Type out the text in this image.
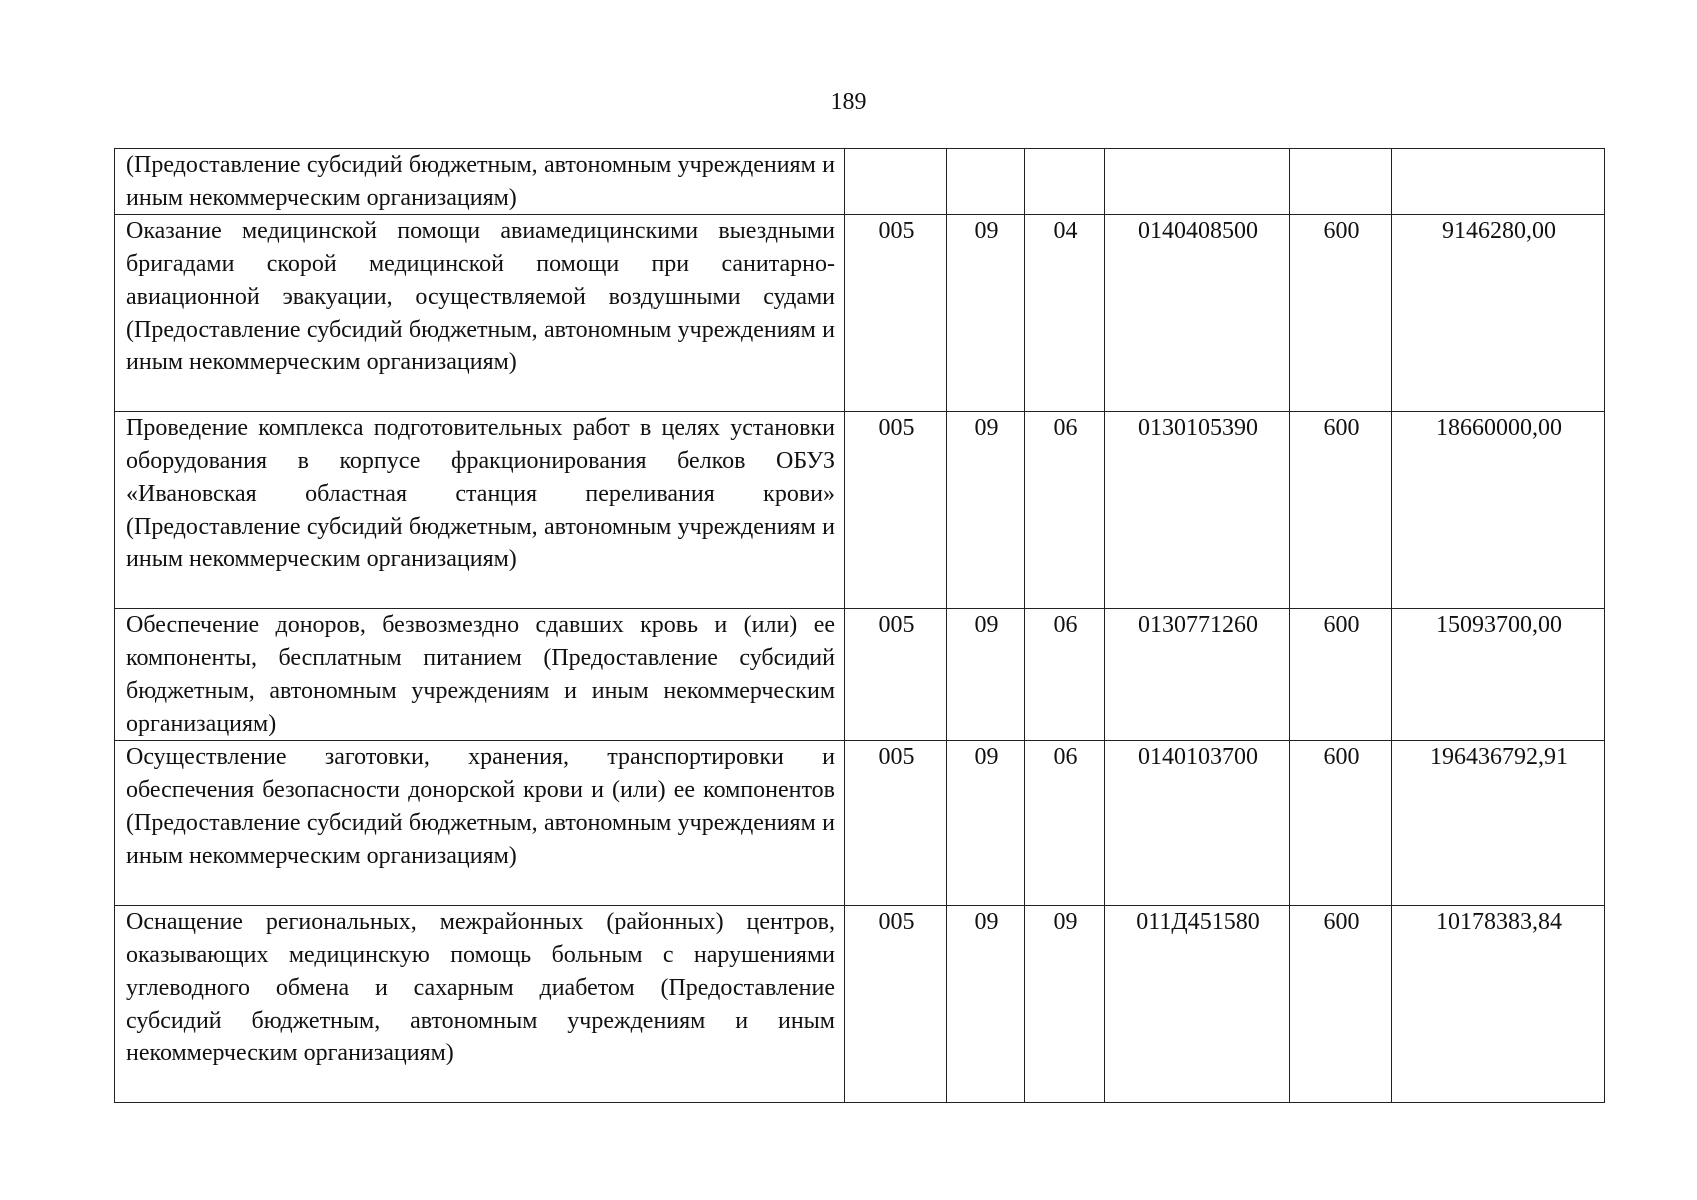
189
(Предоставление субсидий бюджетным, автономным учреждениям и иным некоммерческим организациям)						
Оказание медицинской помощи авиамедицинскими выездными бригадами скорой медицинской помощи при санитарно-авиационной эвакуации, осуществляемой воздушными судами (Предоставление субсидий бюджетным, автономным учреждениям и иным некоммерческим организациям)	005	09	04	0140408500	600	9146280,00
Проведение комплекса подготовительных работ в целях установки оборудования в корпусе фракционирования белков ОБУЗ «Ивановская областная станция переливания крови» (Предоставление субсидий бюджетным, автономным учреждениям и иным некоммерческим организациям)	005	09	06	0130105390	600	18660000,00
Обеспечение доноров, безвозмездно сдавших кровь и (или) ее компоненты, бесплатным питанием (Предоставление субсидий бюджетным, автономным учреждениям и иным некоммерческим организациям)	005	09	06	0130771260	600	15093700,00
Осуществление заготовки, хранения, транспортировки и обеспечения безопасности донорской крови и (или) ее компонентов (Предоставление субсидий бюджетным, автономным учреждениям и иным некоммерческим организациям)	005	09	06	0140103700	600	196436792,91
Оснащение региональных, межрайонных (районных) центров, оказывающих медицинскую помощь больным с нарушениями углеводного обмена и сахарным диабетом (Предоставление субсидий бюджетным, автономным учреждениям и иным некоммерческим организациям)	005	09	09	011Д451580	600	10178383,84
